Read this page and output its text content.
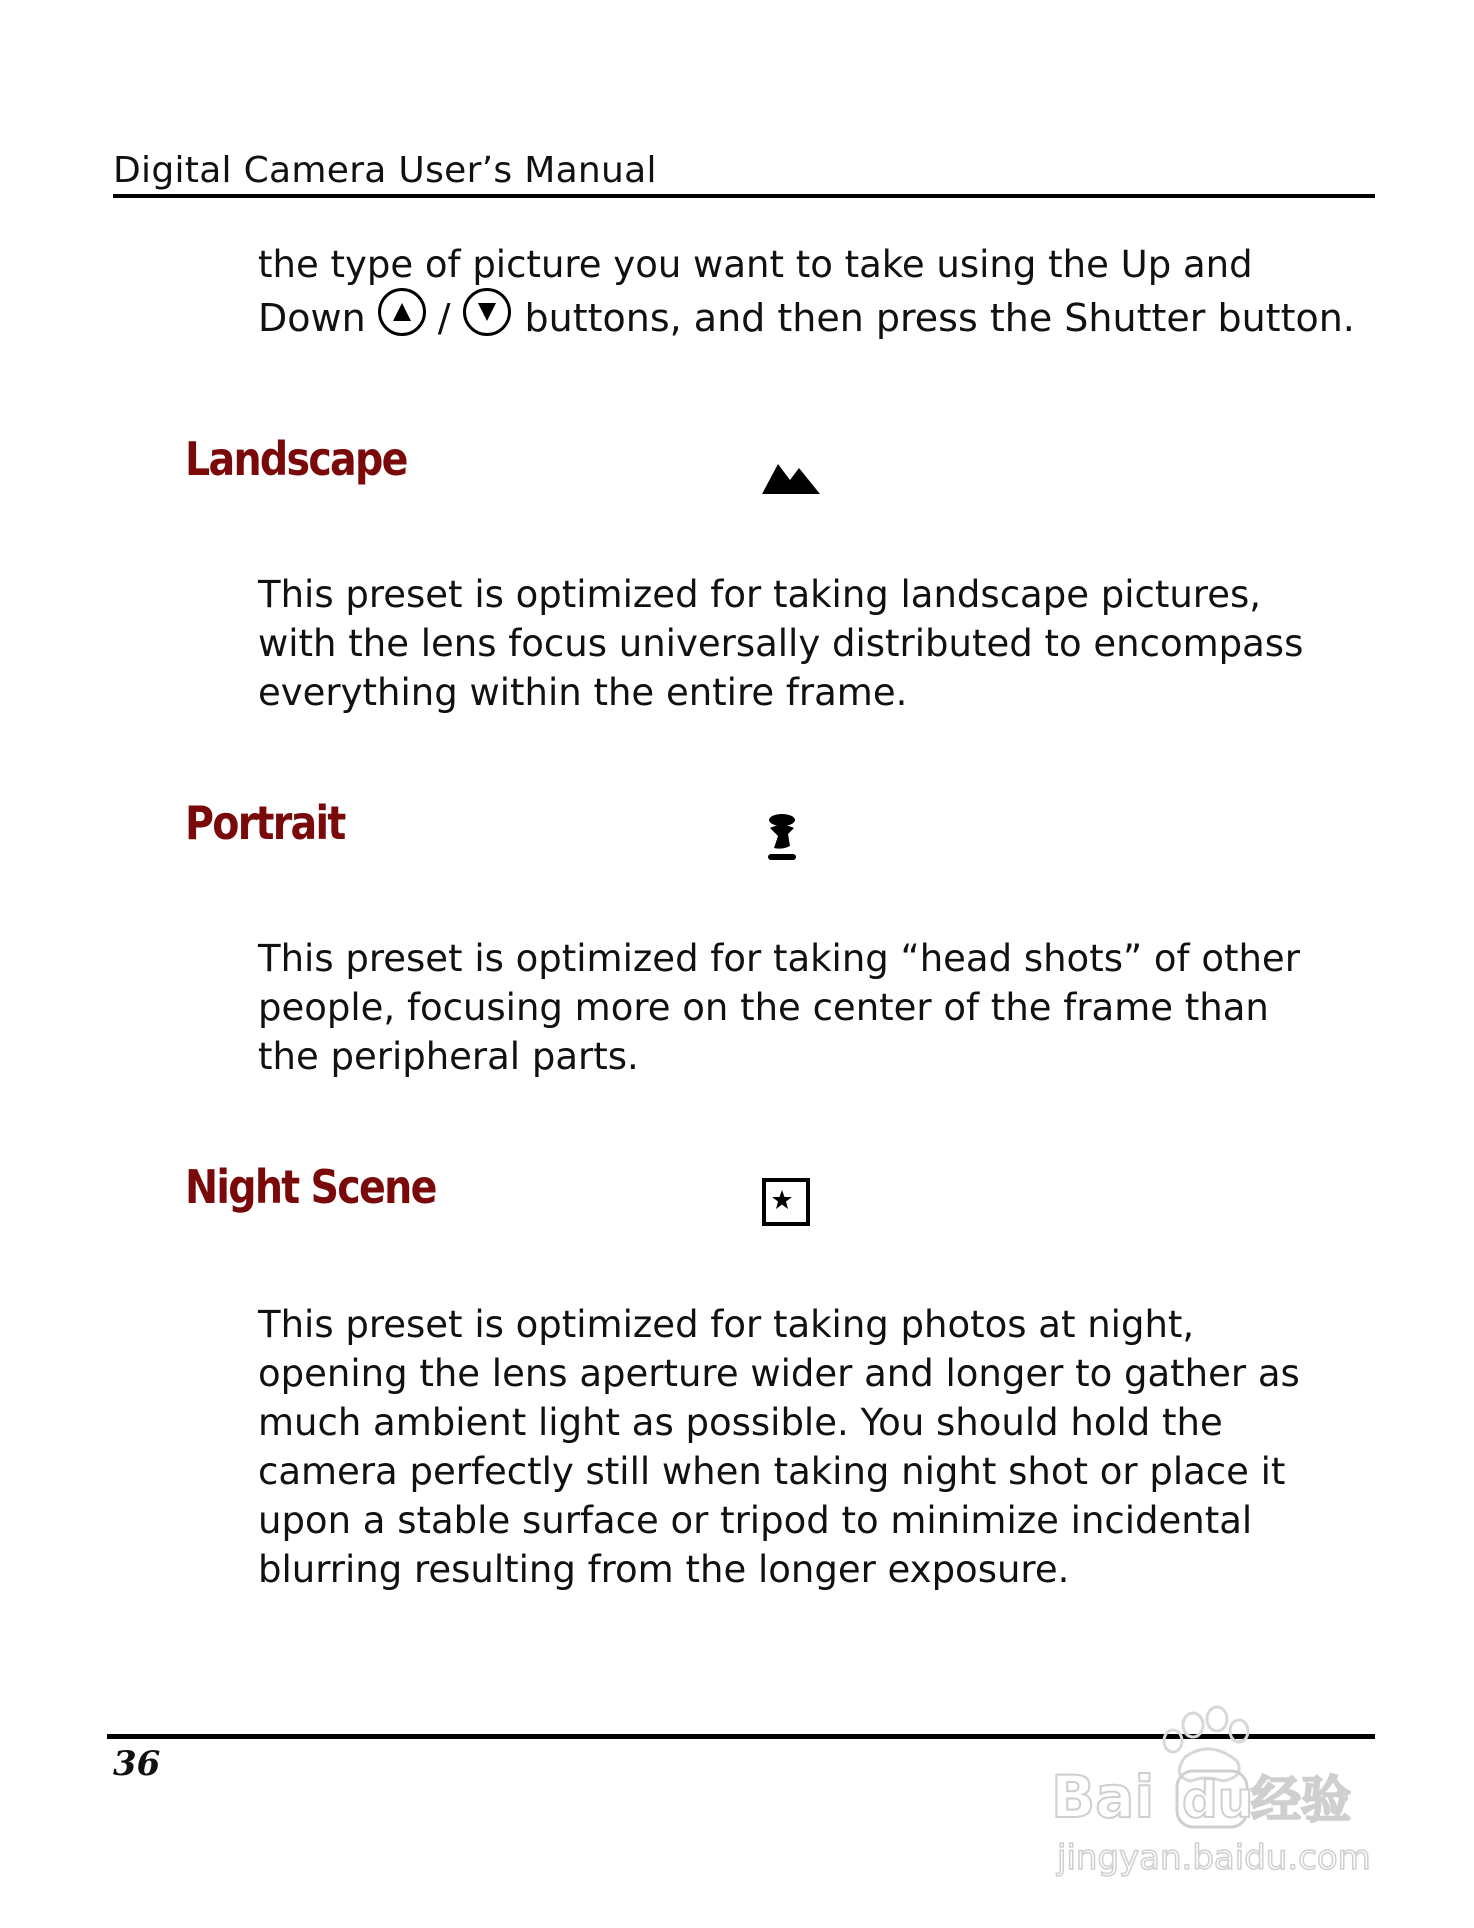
Digital Camera User’s Manual
the type of picture you want to take using the Up and
Down / buttons, and then press the Shutter button.
Landscape
This preset is optimized for taking landscape pictures,
with the lens focus universally distributed to encompass
everything within the entire frame.
Portrait
This preset is optimized for taking “head shots” of other
people, focusing more on the center of the frame than
the peripheral parts.
Night Scene
This preset is optimized for taking photos at night,
opening the lens aperture wider and longer to gather as
much ambient light as possible. You should hold the
camera perfectly still when taking night shot or place it
upon a stable surface or tripod to minimize incidental
blurring resulting from the longer exposure.
36	Bai du
经验
jingyan.baidu.com
